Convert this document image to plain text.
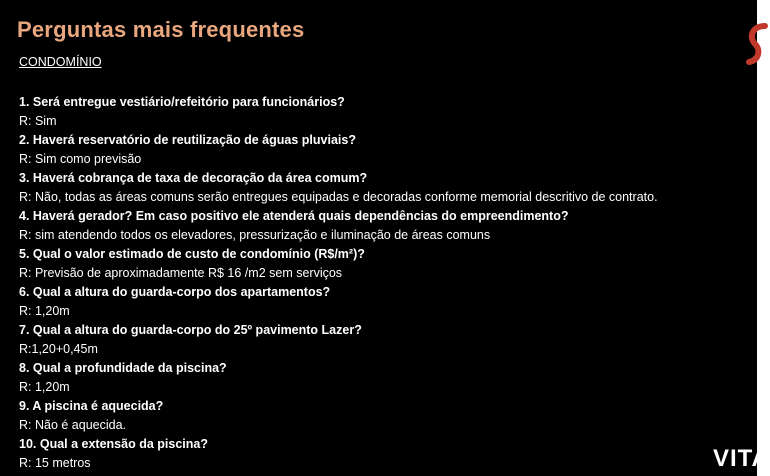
Perguntas mais frequentes
CONDOMÍNIO
1. Será entregue vestiário/refeitório para funcionários?
R: Sim
2. Haverá reservatório de reutilização de águas pluviais?
R: Sim como previsão
3. Haverá cobrança de taxa de decoração da área comum?
R: Não, todas as áreas comuns serão entregues equipadas e decoradas conforme memorial descritivo de contrato.
4. Haverá gerador? Em caso positivo ele atenderá quais dependências do empreendimento?
R: sim atendendo todos os elevadores, pressurização e iluminação de áreas comuns
5. Qual o valor estimado de custo de condomínio (R$/m²)?
R: Previsão de aproximadamente R$ 16 /m2 sem serviços
6. Qual a altura do guarda-corpo dos apartamentos?
R: 1,20m
7. Qual a altura do guarda-corpo do 25º pavimento Lazer?
R:1,20+0,45m
8. Qual a profundidade da piscina?
R: 1,20m
9. A piscina é aquecida?
R: Não é aquecida.
10. Qual a extensão da piscina?
R: 15 metros	VITA
